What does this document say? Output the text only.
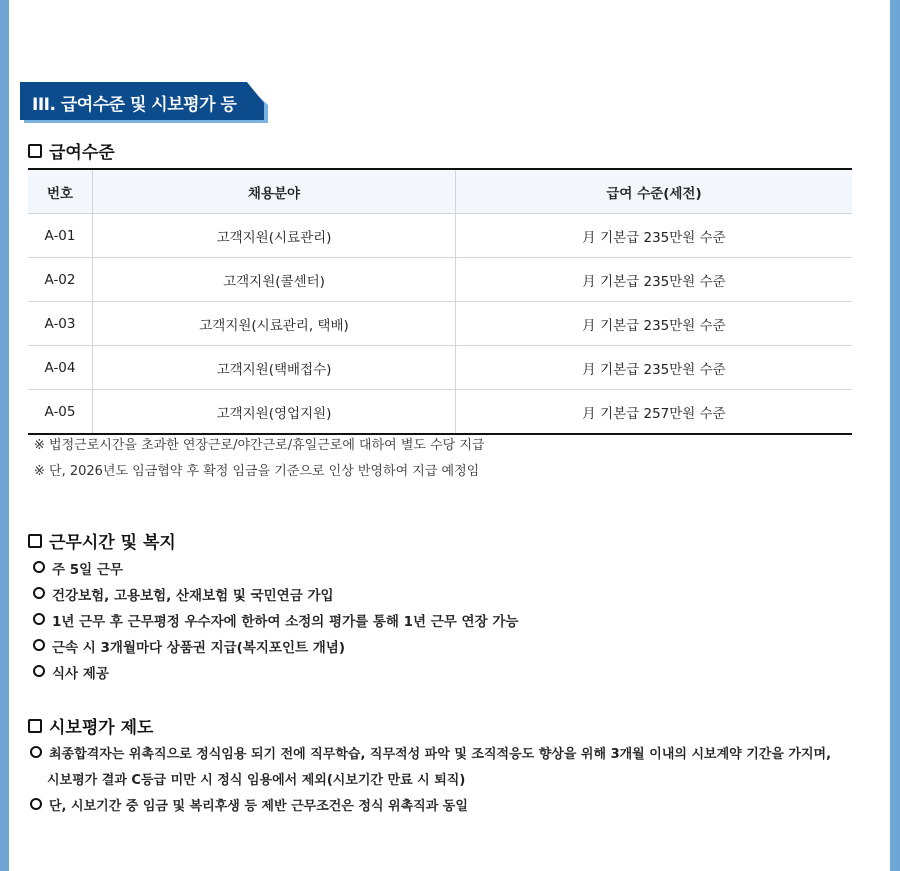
III. 급여수준 및 시보평가 등
급여수준
번호	채용분야	급여 수준(세전)
A-01	고객지원(시료관리)	月 기본급 235만원 수준
A-02	고객지원(콜센터)	月 기본급 235만원 수준
A-03	고객지원(시료관리, 택배)	月 기본급 235만원 수준
A-04	고객지원(택배접수)	月 기본급 235만원 수준
A-05	고객지원(영업지원)	月 기본급 257만원 수준
※ 법정근로시간을 초과한 연장근로/야간근로/휴일근로에 대하여 별도 수당 지급
※ 단, 2026년도 임금협약 후 확정 임금을 기준으로 인상 반영하여 지급 예정임
근무시간 및 복지
주 5일 근무
건강보험, 고용보험, 산재보험 및 국민연금 가입
1년 근무 후 근무평정 우수자에 한하여 소정의 평가를 통해 1년 근무 연장 가능
근속 시 3개월마다 상품권 지급(복지포인트 개념)
식사 제공
시보평가 제도
최종합격자는 위촉직으로 정식임용 되기 전에 직무학습, 직무적성 파악 및 조직적응도 향상을 위해 3개월 이내의 시보계약 기간을 가지며,
시보평가 결과 C등급 미만 시 정식 임용에서 제외(시보기간 만료 시 퇴직)
단, 시보기간 중 임금 및 복리후생 등 제반 근무조건은 정식 위촉직과 동일
